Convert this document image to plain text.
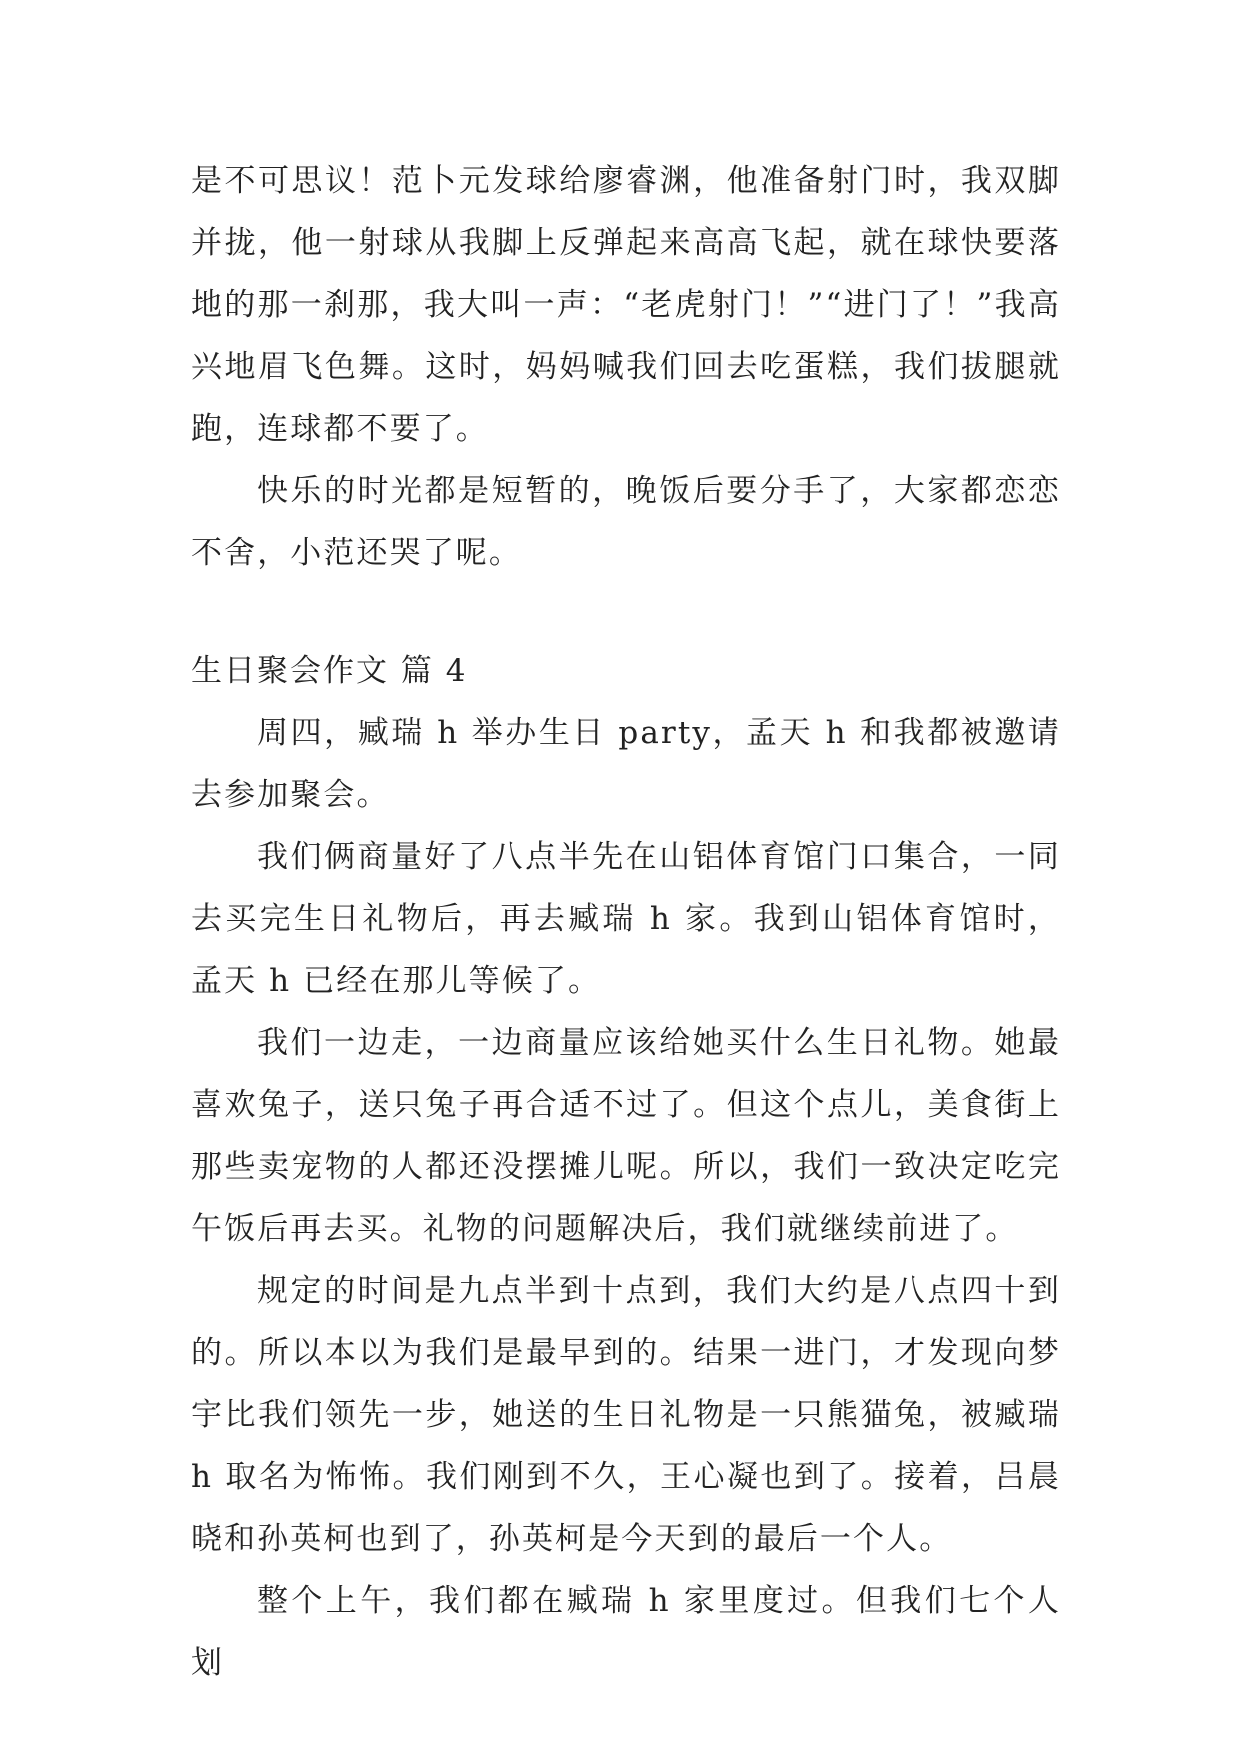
是不可思议！范卜元发球给廖睿渊，他准备射门时，我双脚并拢，他一射球从我脚上反弹起来高高飞起，就在球快要落地的那一刹那，我大叫一声：“老虎射门！”“进门了！”我高兴地眉飞色舞。这时，妈妈喊我们回去吃蛋糕，我们拔腿就跑，连球都不要了。

快乐的时光都是短暂的，晚饭后要分手了，大家都恋恋不舍，小范还哭了呢。

生日聚会作文 篇 4

周四，臧瑞 h 举办生日 party，孟天 h 和我都被邀请去参加聚会。

我们俩商量好了八点半先在山铝体育馆门口集合，一同去买完生日礼物后，再去臧瑞 h 家。我到山铝体育馆时，孟天 h 已经在那儿等候了。

我们一边走，一边商量应该给她买什么生日礼物。她最喜欢兔子，送只兔子再合适不过了。但这个点儿，美食街上那些卖宠物的人都还没摆摊儿呢。所以，我们一致决定吃完午饭后再去买。礼物的问题解决后，我们就继续前进了。

规定的时间是九点半到十点到，我们大约是八点四十到的。所以本以为我们是最早到的。结果一进门，才发现向梦宇比我们领先一步，她送的生日礼物是一只熊猫兔，被臧瑞 h 取名为怖怖。我们刚到不久，王心凝也到了。接着，吕晨晓和孙英柯也到了，孙英柯是今天到的最后一个人。

整个上午，我们都在臧瑞 h 家里度过。但我们七个人划
